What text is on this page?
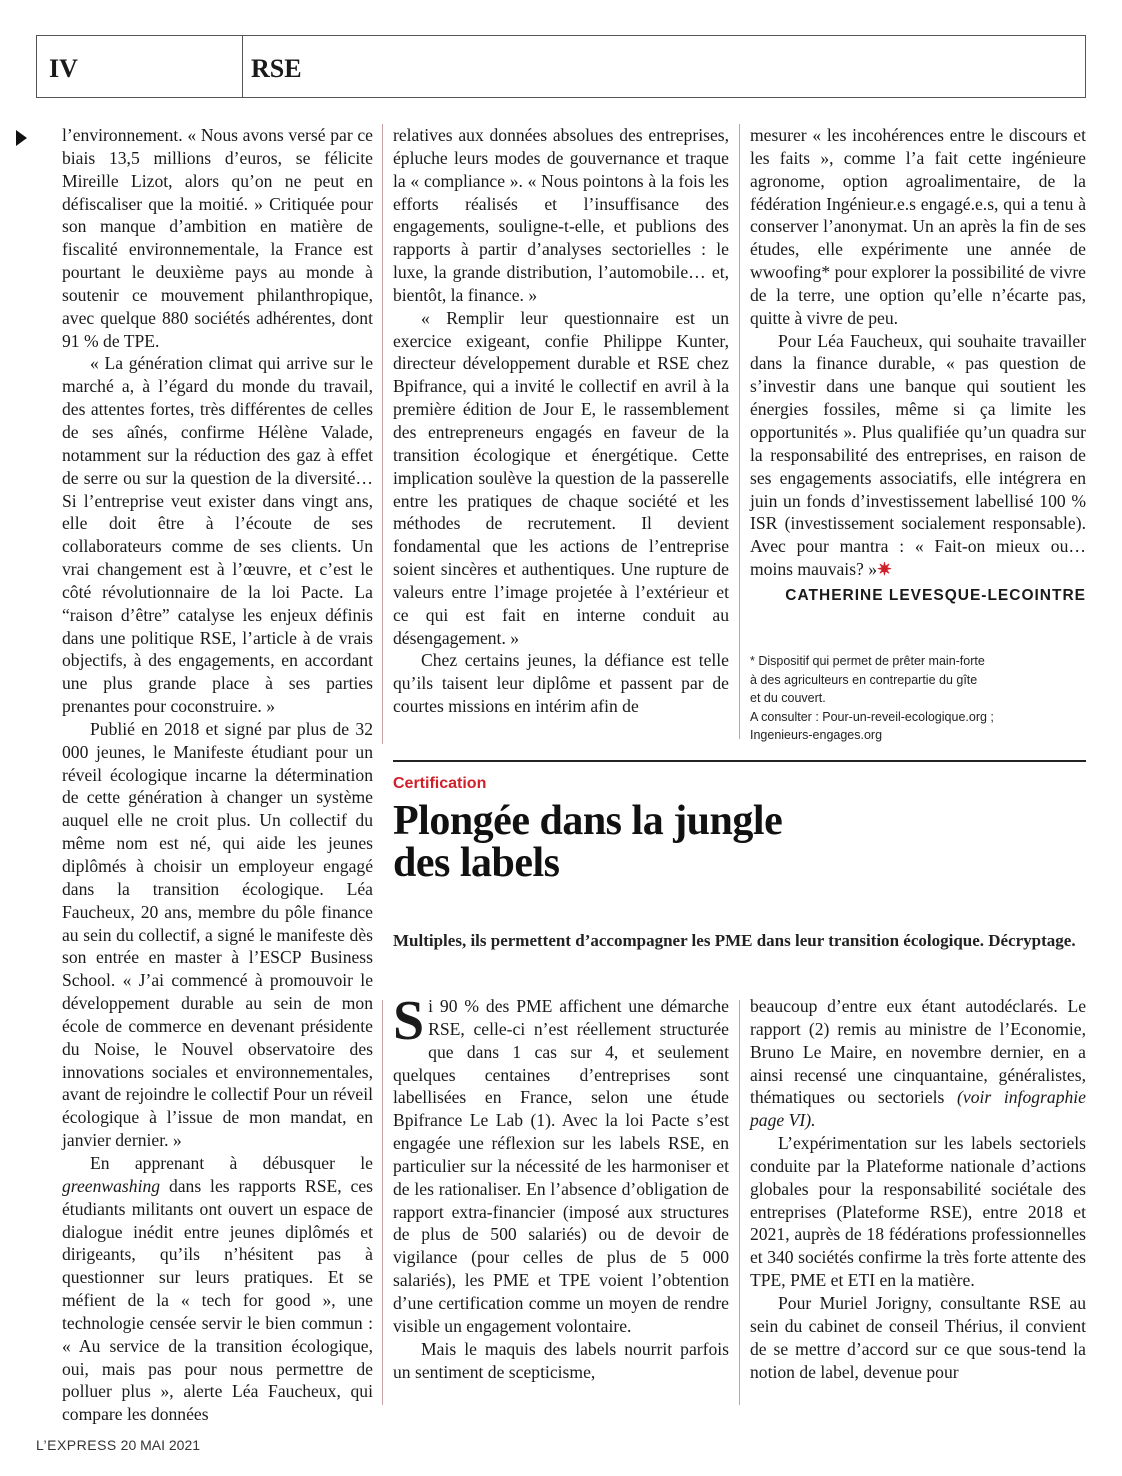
IV	RSE

l’environnement. « Nous avons versé par ce biais 13,5 millions d’euros, se félicite Mireille Lizot, alors qu’on ne peut en défiscaliser que la moitié. » Critiquée pour son manque d’ambition en matière de fiscalité environnementale, la France est pourtant le deuxième pays au monde à soutenir ce mouvement philanthropique, avec quelque 880 sociétés adhérentes, dont 91 % de TPE.

« La génération climat qui arrive sur le marché a, à l’égard du monde du travail, des attentes fortes, très différentes de celles de ses aînés, confirme Hélène Valade, notamment sur la réduction des gaz à effet de serre ou sur la question de la diversité… Si l’entreprise veut exister dans vingt ans, elle doit être à l’écoute de ses collaborateurs comme de ses clients. Un vrai changement est à l’œuvre, et c’est le côté révolutionnaire de la loi Pacte. La “raison d’être” catalyse les enjeux définis dans une politique RSE, l’article à de vrais objectifs, à des engagements, en accordant une plus grande place à ses parties prenantes pour coconstruire. »

Publié en 2018 et signé par plus de 32 000 jeunes, le Manifeste étudiant pour un réveil écologique incarne la détermination de cette génération à changer un système auquel elle ne croit plus. Un collectif du même nom est né, qui aide les jeunes diplômés à choisir un employeur engagé dans la transition écologique. Léa Faucheux, 20 ans, membre du pôle finance au sein du collectif, a signé le manifeste dès son entrée en master à l’ESCP Business School. « J’ai commencé à promouvoir le développement durable au sein de mon école de commerce en devenant présidente du Noise, le Nouvel observatoire des innovations sociales et environnementales, avant de rejoindre le collectif Pour un réveil écologique à l’issue de mon mandat, en janvier dernier. »

En apprenant à débusquer le greenwashing dans les rapports RSE, ces étudiants militants ont ouvert un espace de dialogue inédit entre jeunes diplômés et dirigeants, qu’ils n’hésitent pas à questionner sur leurs pratiques. Et se méfient de la « tech for good », une technologie censée servir le bien commun : « Au service de la transition écologique, oui, mais pas pour nous permettre de polluer plus », alerte Léa Faucheux, qui compare les données

relatives aux données absolues des entreprises, épluche leurs modes de gouvernance et traque la « compliance ». « Nous pointons à la fois les efforts réalisés et l’insuffisance des engagements, souligne-t-elle, et publions des rapports à partir d’analyses sectorielles : le luxe, la grande distribution, l’automobile… et, bientôt, la finance. »

« Remplir leur questionnaire est un exercice exigeant, confie Philippe Kunter, directeur développement durable et RSE chez Bpifrance, qui a invité le collectif en avril à la première édition de Jour E, le rassemblement des entrepreneurs engagés en faveur de la transition écologique et énergétique. Cette implication soulève la question de la passerelle entre les pratiques de chaque société et les méthodes de recrutement. Il devient fondamental que les actions de l’entreprise soient sincères et authentiques. Une rupture de valeurs entre l’image projetée à l’extérieur et ce qui est fait en interne conduit au désengagement. »

Chez certains jeunes, la défiance est telle qu’ils taisent leur diplôme et passent par de courtes missions en intérim afin de

mesurer « les incohérences entre le discours et les faits », comme l’a fait cette ingénieure agronome, option agroalimentaire, de la fédération Ingénieur.e.s engagé.e.s, qui a tenu à conserver l’anonymat. Un an après la fin de ses études, elle expérimente une année de wwoofing* pour explorer la possibilité de vivre de la terre, une option qu’elle n’écarte pas, quitte à vivre de peu.

Pour Léa Faucheux, qui souhaite travailler dans la finance durable, « pas question de s’investir dans une banque qui soutient les énergies fossiles, même si ça limite les opportunités ». Plus qualifiée qu’un quadra sur la responsabilité des entreprises, en raison de ses engagements associatifs, elle intégrera en juin un fonds d’investissement labellisé 100 % ISR (investissement socialement responsable). Avec pour mantra : « Fait-on mieux ou… moins mauvais? »✷

CATHERINE LEVESQUE-LECOINTRE
* Dispositif qui permet de prêter main-forte
à des agriculteurs en contrepartie du gîte
et du couvert.
A consulter : Pour-un-reveil-ecologique.org ;
Ingenieurs-engages.org
Certification
Plongée dans la jungle
des labels
Multiples, ils permettent d’accompagner les PME dans leur transition écologique. Décryptage.

Si 90 % des PME affichent une démarche RSE, celle-ci n’est réellement structurée que dans 1 cas sur 4, et seulement quelques centaines d’entreprises sont labellisées en France, selon une étude Bpifrance Le Lab (1). Avec la loi Pacte s’est engagée une réflexion sur les labels RSE, en particulier sur la nécessité de les harmoniser et de les rationaliser. En l’absence d’obligation de rapport extra-financier (imposé aux structures de plus de 500 salariés) ou de devoir de vigilance (pour celles de plus de 5 000 salariés), les PME et TPE voient l’obtention d’une certification comme un moyen de rendre visible un engagement volontaire.

Mais le maquis des labels nourrit parfois un sentiment de scepticisme,

beaucoup d’entre eux étant autodéclarés. Le rapport (2) remis au ministre de l’Economie, Bruno Le Maire, en novembre dernier, en a ainsi recensé une cinquantaine, généralistes, thématiques ou sectoriels (voir infographie page VI).

L’expérimentation sur les labels sectoriels conduite par la Plateforme nationale d’actions globales pour la responsabilité sociétale des entreprises (Plateforme RSE), entre 2018 et 2021, auprès de 18 fédérations professionnelles et 340 sociétés confirme la très forte attente des TPE, PME et ETI en la matière.

Pour Muriel Jorigny, consultante RSE au sein du cabinet de conseil Thérius, il convient de se mettre d’accord sur ce que sous-tend la notion de label, devenue pour

L’EXPRESS 20 MAI 2021
